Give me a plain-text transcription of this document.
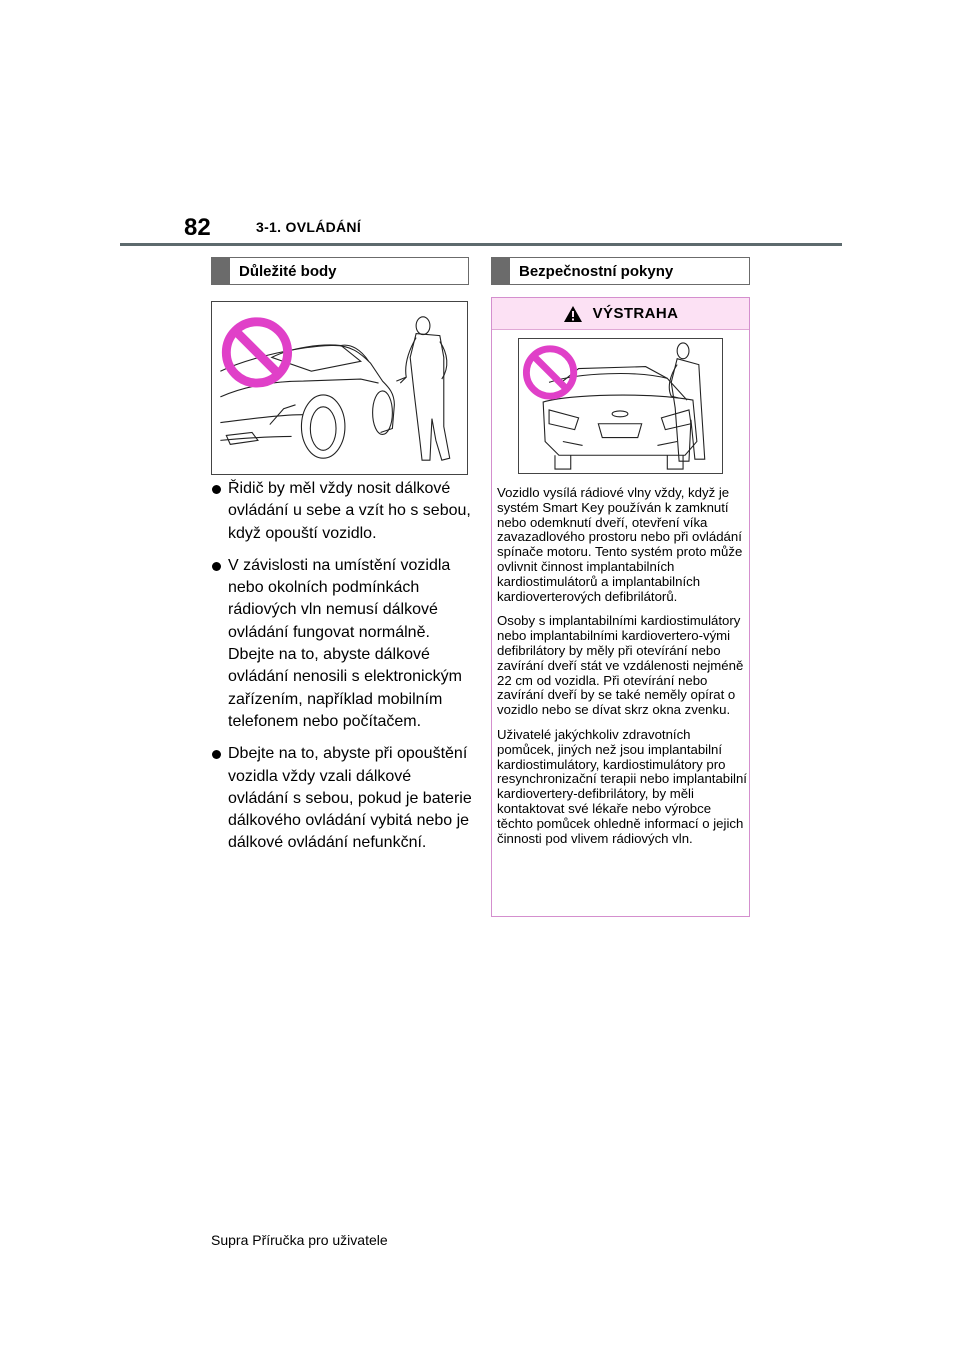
82	3-1. OVLÁDÁNÍ
Důležité body
Řidič by měl vždy nosit dálkové ovládání u sebe a vzít ho s sebou, když opouští vozidlo.
V závislosti na umístění vozidla nebo okolních podmínkách rádiových vln nemusí dálkové ovládání fungovat normálně. Dbejte na to, abyste dálkové ovládání nenosili s elektronickým zařízením, například mobilním telefonem nebo počítačem.
Dbejte na to, abyste při opouštění vozidla vždy vzali dálkové ovládání s sebou, pokud je baterie dálkového ovládání vybitá nebo je dálkové ovládání nefunkční.
Bezpečnostní pokyny
VÝSTRAHA

Vozidlo vysílá rádiové vlny vždy, když je systém Smart Key používán k zamknutí nebo odemknutí dveří, otevření víka zavazadlového prostoru nebo při ovládání spínače motoru. Tento systém proto může ovlivnit činnost implantabilních kardiostimulátorů a implantabilních kardioverterových defibrilátorů.

Osoby s implantabilními kardiostimulátory nebo implantabilními kardiovertero-vými defibrilátory by měly při otevírání nebo zavírání dveří stát ve vzdálenosti nejméně 22 cm od vozidla. Při otevírání nebo zavírání dveří by se také neměly opírat o vozidlo nebo se dívat skrz okna zvenku.

Uživatelé jakýchkoliv zdravotních pomůcek, jiných než jsou implantabilní kardiostimulátory, kardiostimulátory pro resynchronizační terapii nebo implantabilní kardiovertery-defibrilátory, by měli kontaktovat své lékaře nebo výrobce těchto pomůcek ohledně informací o jejich činnosti pod vlivem rádiových vln.

Supra Příručka pro uživatele
